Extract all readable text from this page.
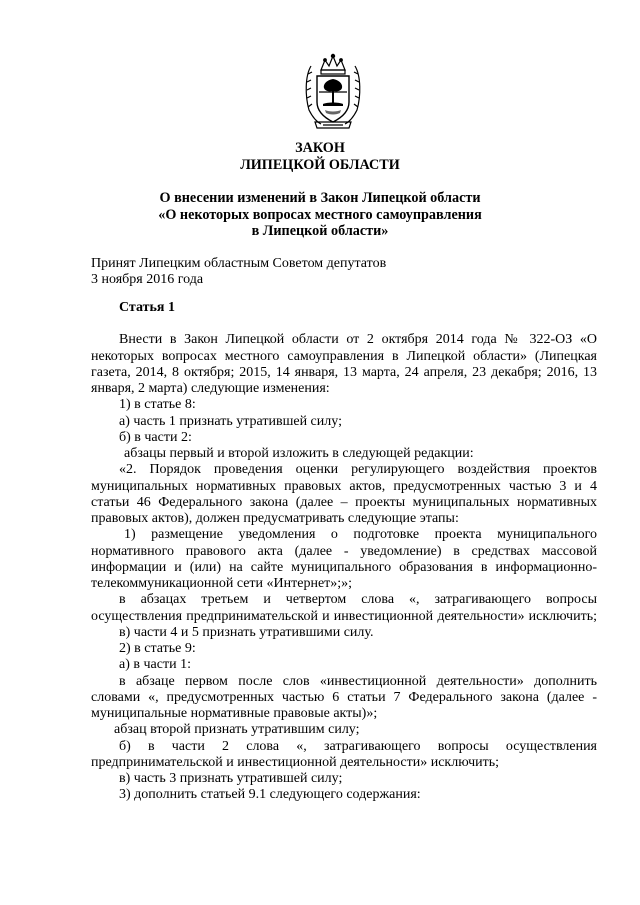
ЗАКОН
ЛИПЕЦКОЙ ОБЛАСТИ
О внесении изменений в Закон Липецкой области
«О некоторых вопросах местного самоуправления
в Липецкой области»
Принят Липецким областным Советом депутатов
3 ноября 2016 года
Статья 1
Внести в Закон Липецкой области от 2 октября 2014 года № 322-ОЗ «О
некоторых вопросах местного самоуправления в Липецкой области» (Липецкая
газета, 2014, 8 октября; 2015, 14 января, 13 марта, 24 апреля, 23 декабря; 2016, 13
января, 2 марта) следующие изменения:
1) в статье 8:
а) часть 1 признать утратившей силу;
б) в части 2:
абзацы первый и второй изложить в следующей редакции:
«2. Порядок проведения оценки регулирующего воздействия проектов
муниципальных нормативных правовых актов, предусмотренных частью 3 и 4
статьи 46 Федерального закона (далее – проекты муниципальных нормативных
правовых актов), должен предусматривать следующие этапы:
1) размещение уведомления о подготовке проекта муниципального
нормативного правового акта (далее - уведомление) в средствах массовой
информации и (или) на сайте муниципального образования в информационно-
телекоммуникационной сети «Интернет»;»;
в абзацах третьем и четвертом слова «, затрагивающего вопросы
осуществления предпринимательской и инвестиционной деятельности» исключить;
в) части 4 и 5 признать утратившими силу.
2) в статье 9:
а) в части 1:
в абзаце первом после слов «инвестиционной деятельности» дополнить
словами «, предусмотренных частью 6 статьи 7 Федерального закона (далее -
муниципальные нормативные правовые акты)»;
абзац второй признать утратившим силу;
б) в части 2 слова «, затрагивающего вопросы осуществления
предпринимательской и инвестиционной деятельности» исключить;
в) часть 3 признать утратившей силу;
3) дополнить статьей 9.1 следующего содержания:
